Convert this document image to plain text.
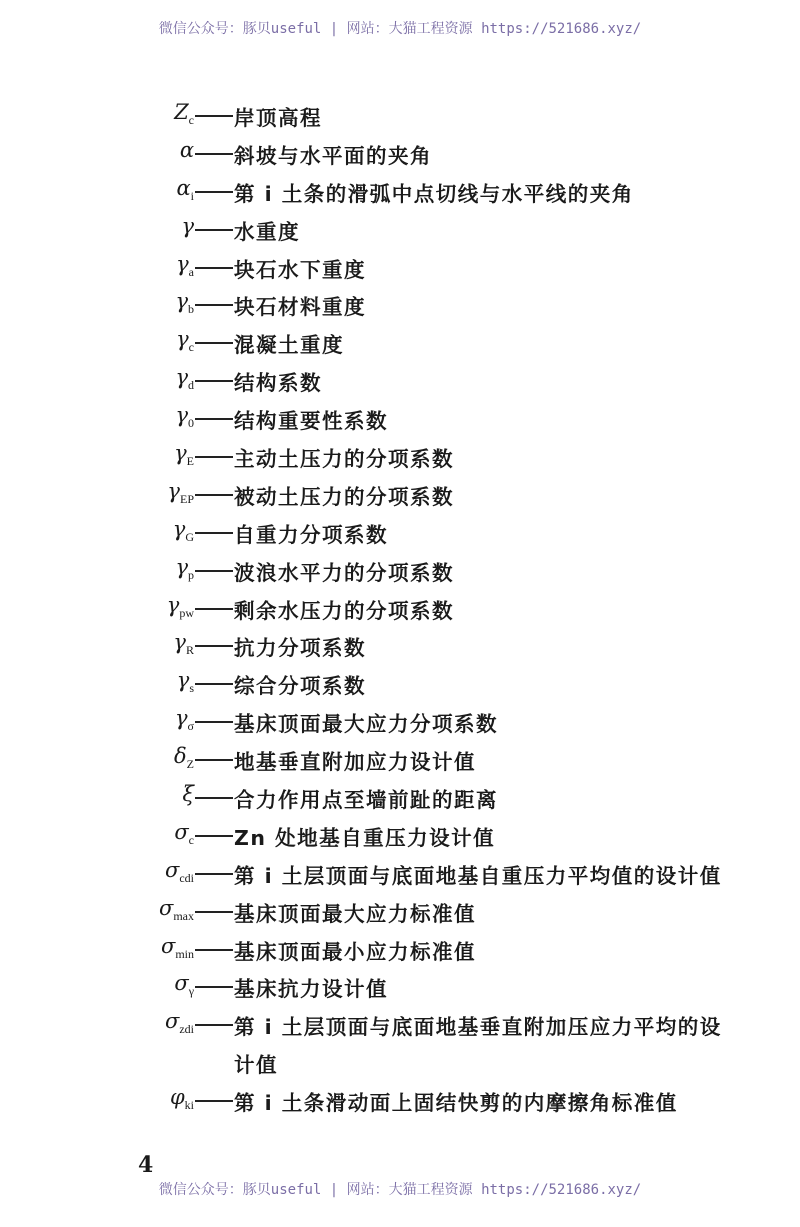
微信公众号：豚贝useful | 网站：大猫工程资源 https://521686.xyz/
$Z_c$ 岸顶高程
α 斜坡与水平面的夹角
$\alpha_i$ 第 i 土条的滑弧中点切线与水平线的夹角
γ 水重度
$\gamma_a$ 块石水下重度
$\gamma_b$ 块石材料重度
$\gamma_c$ 混凝土重度
$\gamma_d$ 结构系数
$\gamma_0$ 结构重要性系数
$\gamma_E$ 主动土压力的分项系数
$\gamma_{EP}$ 被动土压力的分项系数
$\gamma_G$ 自重力分项系数
$\gamma_p$ 波浪水平力的分项系数
$\gamma_{pw}$ 剩余水压力的分项系数
$\gamma_R$ 抗力分项系数
$\gamma_s$ 综合分项系数
$\gamma_\sigma$ 基床顶面最大应力分项系数
$\delta_Z$ 地基垂直附加应力设计值
ξ 合力作用点至墙前趾的距离
$\sigma_c$ Zn 处地基自重压力设计值
$\sigma_{cdi}$ 第 i 土层顶面与底面地基自重压力平均值的设计值
$\sigma_{max}$ 基床顶面最大应力标准值
$\sigma_{min}$ 基床顶面最小应力标准值
$\sigma_\gamma$ 基床抗力设计值
$\sigma_{zdi}$ 第 i 土层顶面与底面地基垂直附加压应力平均的设
计值
$\varphi_{ki}$ 第 i 土条滑动面上固结快剪的内摩擦角标准值
4
微信公众号：豚贝useful | 网站：大猫工程资源 https://521686.xyz/
